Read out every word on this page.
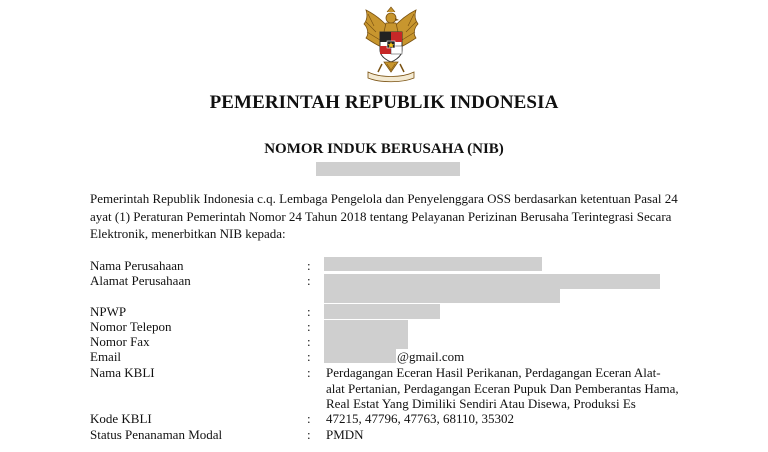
PEMERINTAH REPUBLIK INDONESIA
NOMOR INDUK BERUSAHA (NIB)
Pemerintah Republik Indonesia c.q. Lembaga Pengelola dan Penyelenggara OSS berdasarkan ketentuan Pasal 24 ayat (1) Peraturan Pemerintah Nomor 24 Tahun 2018 tentang Pelayanan Perizinan Berusaha Terintegrasi Secara Elektronik, menerbitkan NIB kepada:
Nama Perusahaan	:
Alamat Perusahaan	:
NPWP	:
Nomor Telepon	:
Nomor Fax	:
Email	:	@gmail.com
Nama KBLI	: Perdagangan Eceran Hasil Perikanan, Perdagangan Eceran Alat-
alat Pertanian, Perdagangan Eceran Pupuk Dan Pemberantas Hama,
Real Estat Yang Dimiliki Sendiri Atau Disewa, Produksi Es
Kode KBLI	: 47215, 47796, 47763, 68110, 35302
Status Penanaman Modal	: PMDN
